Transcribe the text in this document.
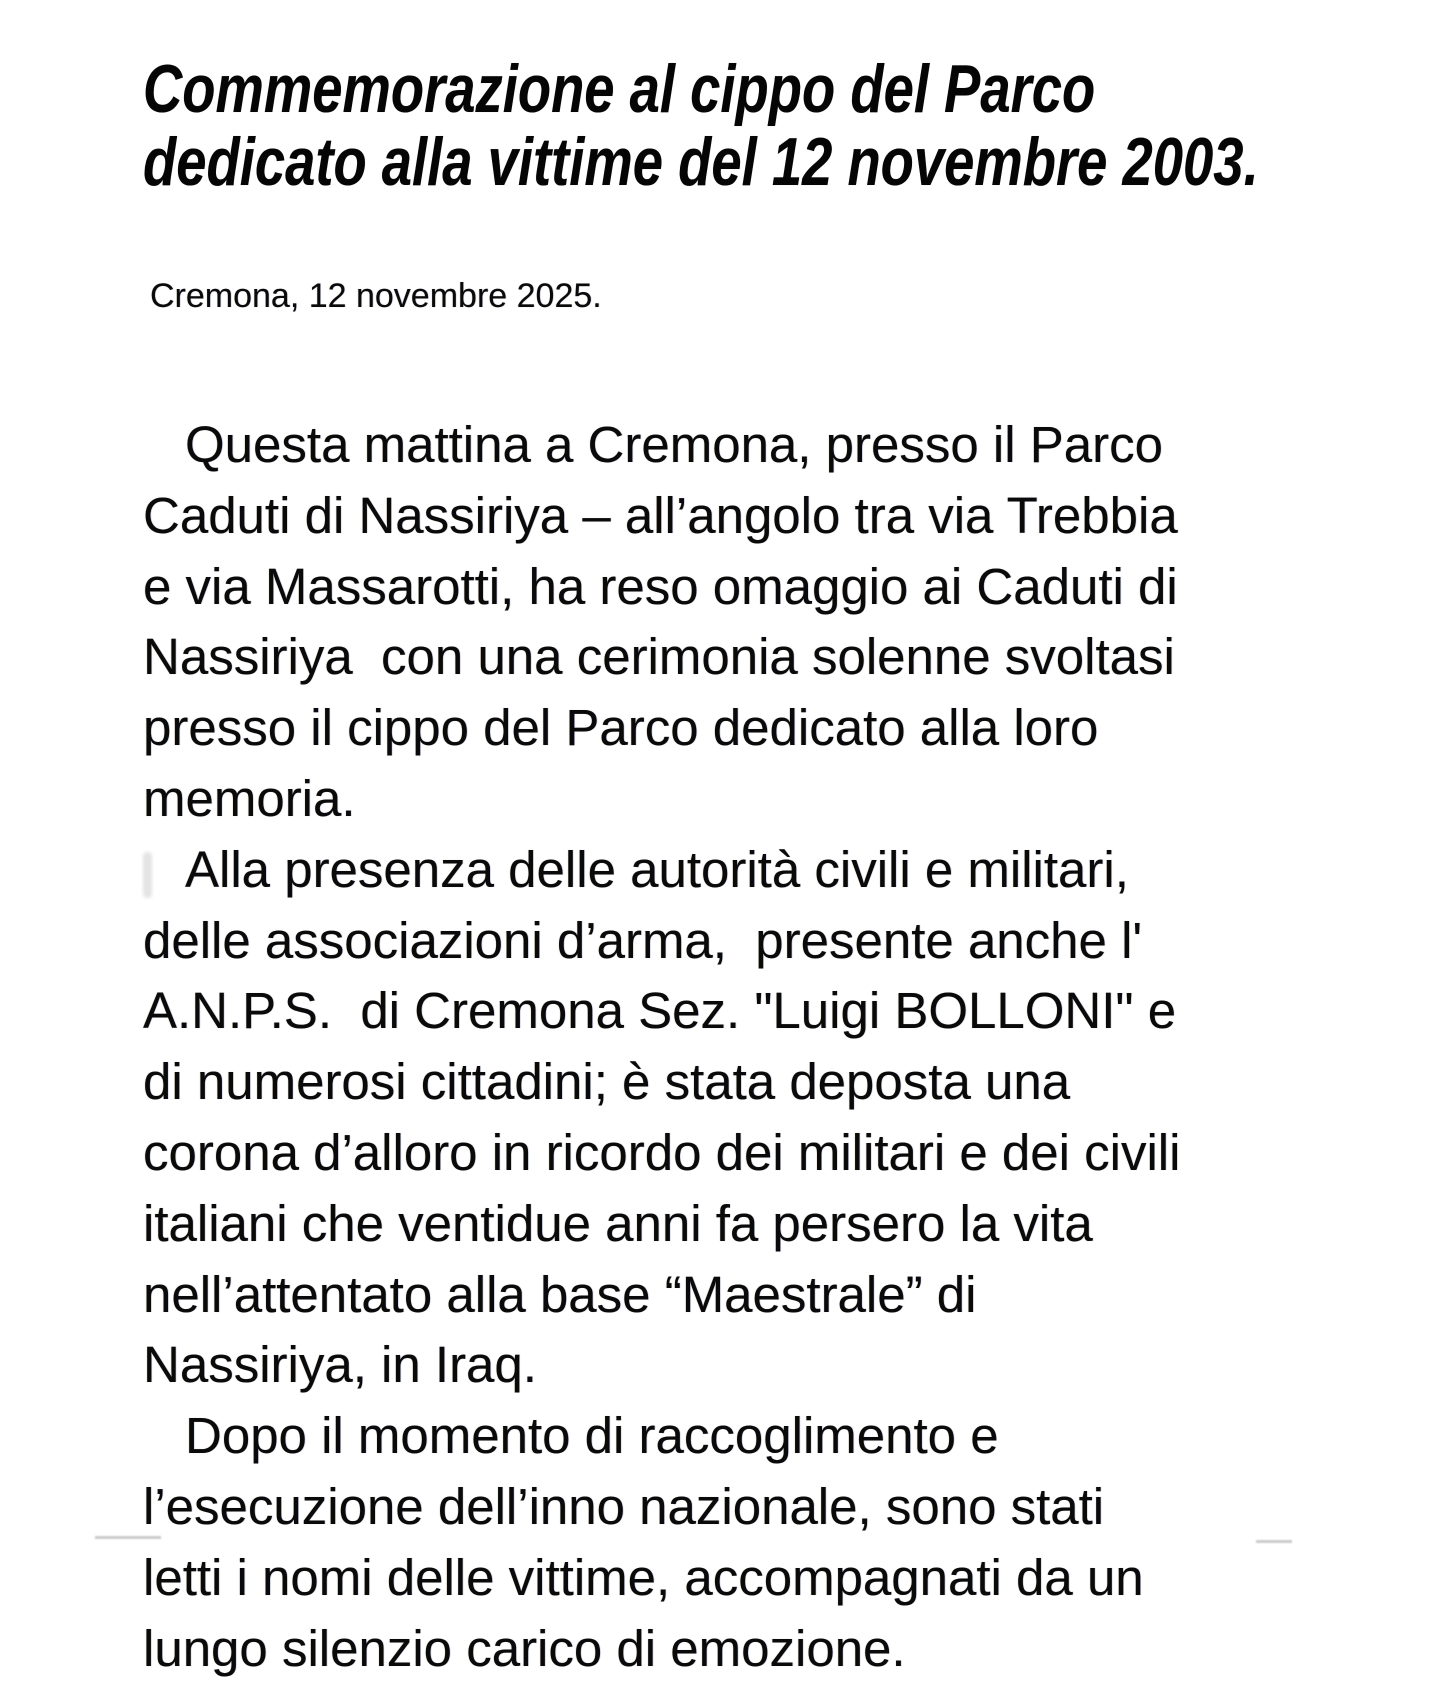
Commemorazione al cippo del Parco
dedicato alla vittime del 12 novembre 2003.
Cremona, 12 novembre 2025.
Questa mattina a Cremona, presso il Parco
Caduti di Nassiriya – all’angolo tra via Trebbia
e via Massarotti, ha reso omaggio ai Caduti di
Nassiriya  con una cerimonia solenne svoltasi
presso il cippo del Parco dedicato alla loro
memoria.
Alla presenza delle autorità civili e militari,
delle associazioni d’arma,  presente anche l'
A.N.P.S.  di Cremona Sez. "Luigi BOLLONI" e
di numerosi cittadini; è stata deposta una
corona d’alloro in ricordo dei militari e dei civili
italiani che ventidue anni fa persero la vita
nell’attentato alla base “Maestrale” di
Nassiriya, in Iraq.
Dopo il momento di raccoglimento e
l’esecuzione dell’inno nazionale, sono stati
letti i nomi delle vittime, accompagnati da un
lungo silenzio carico di emozione.
